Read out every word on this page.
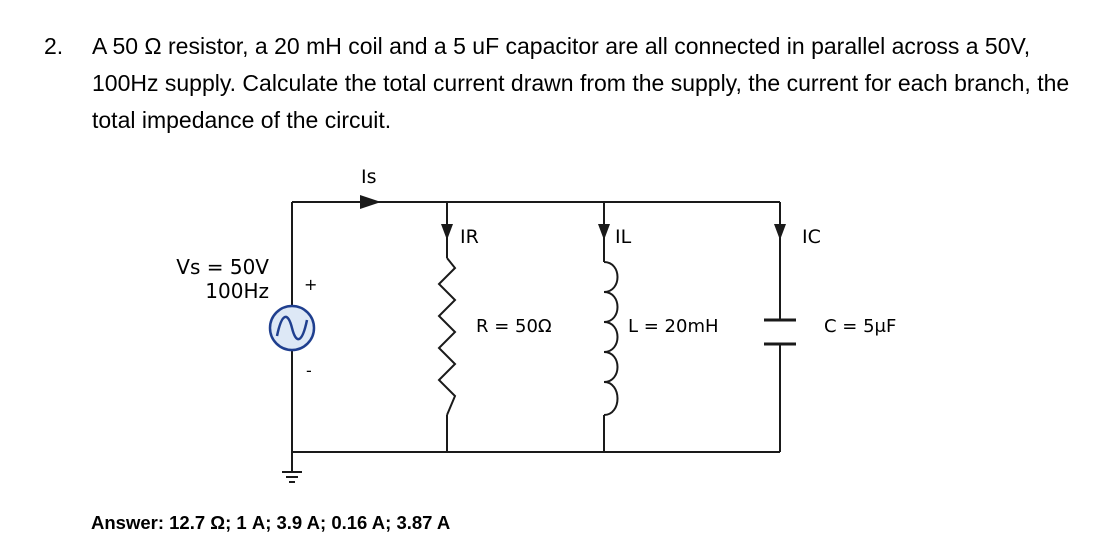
2. A 50 Ω resistor, a 20 mH coil and a 5 uF capacitor are all connected in parallel across a 50V, 100Hz supply. Calculate the total current drawn from the supply, the current for each branch, the total impedance of the circuit.
+
-
Vs = 50V
100Hz
Is
IR	IL	IC
R = 50Ω	L = 20mH	C = 5μF
Answer: 12.7 Ω; 1 A; 3.9 A; 0.16 A; 3.87 A
